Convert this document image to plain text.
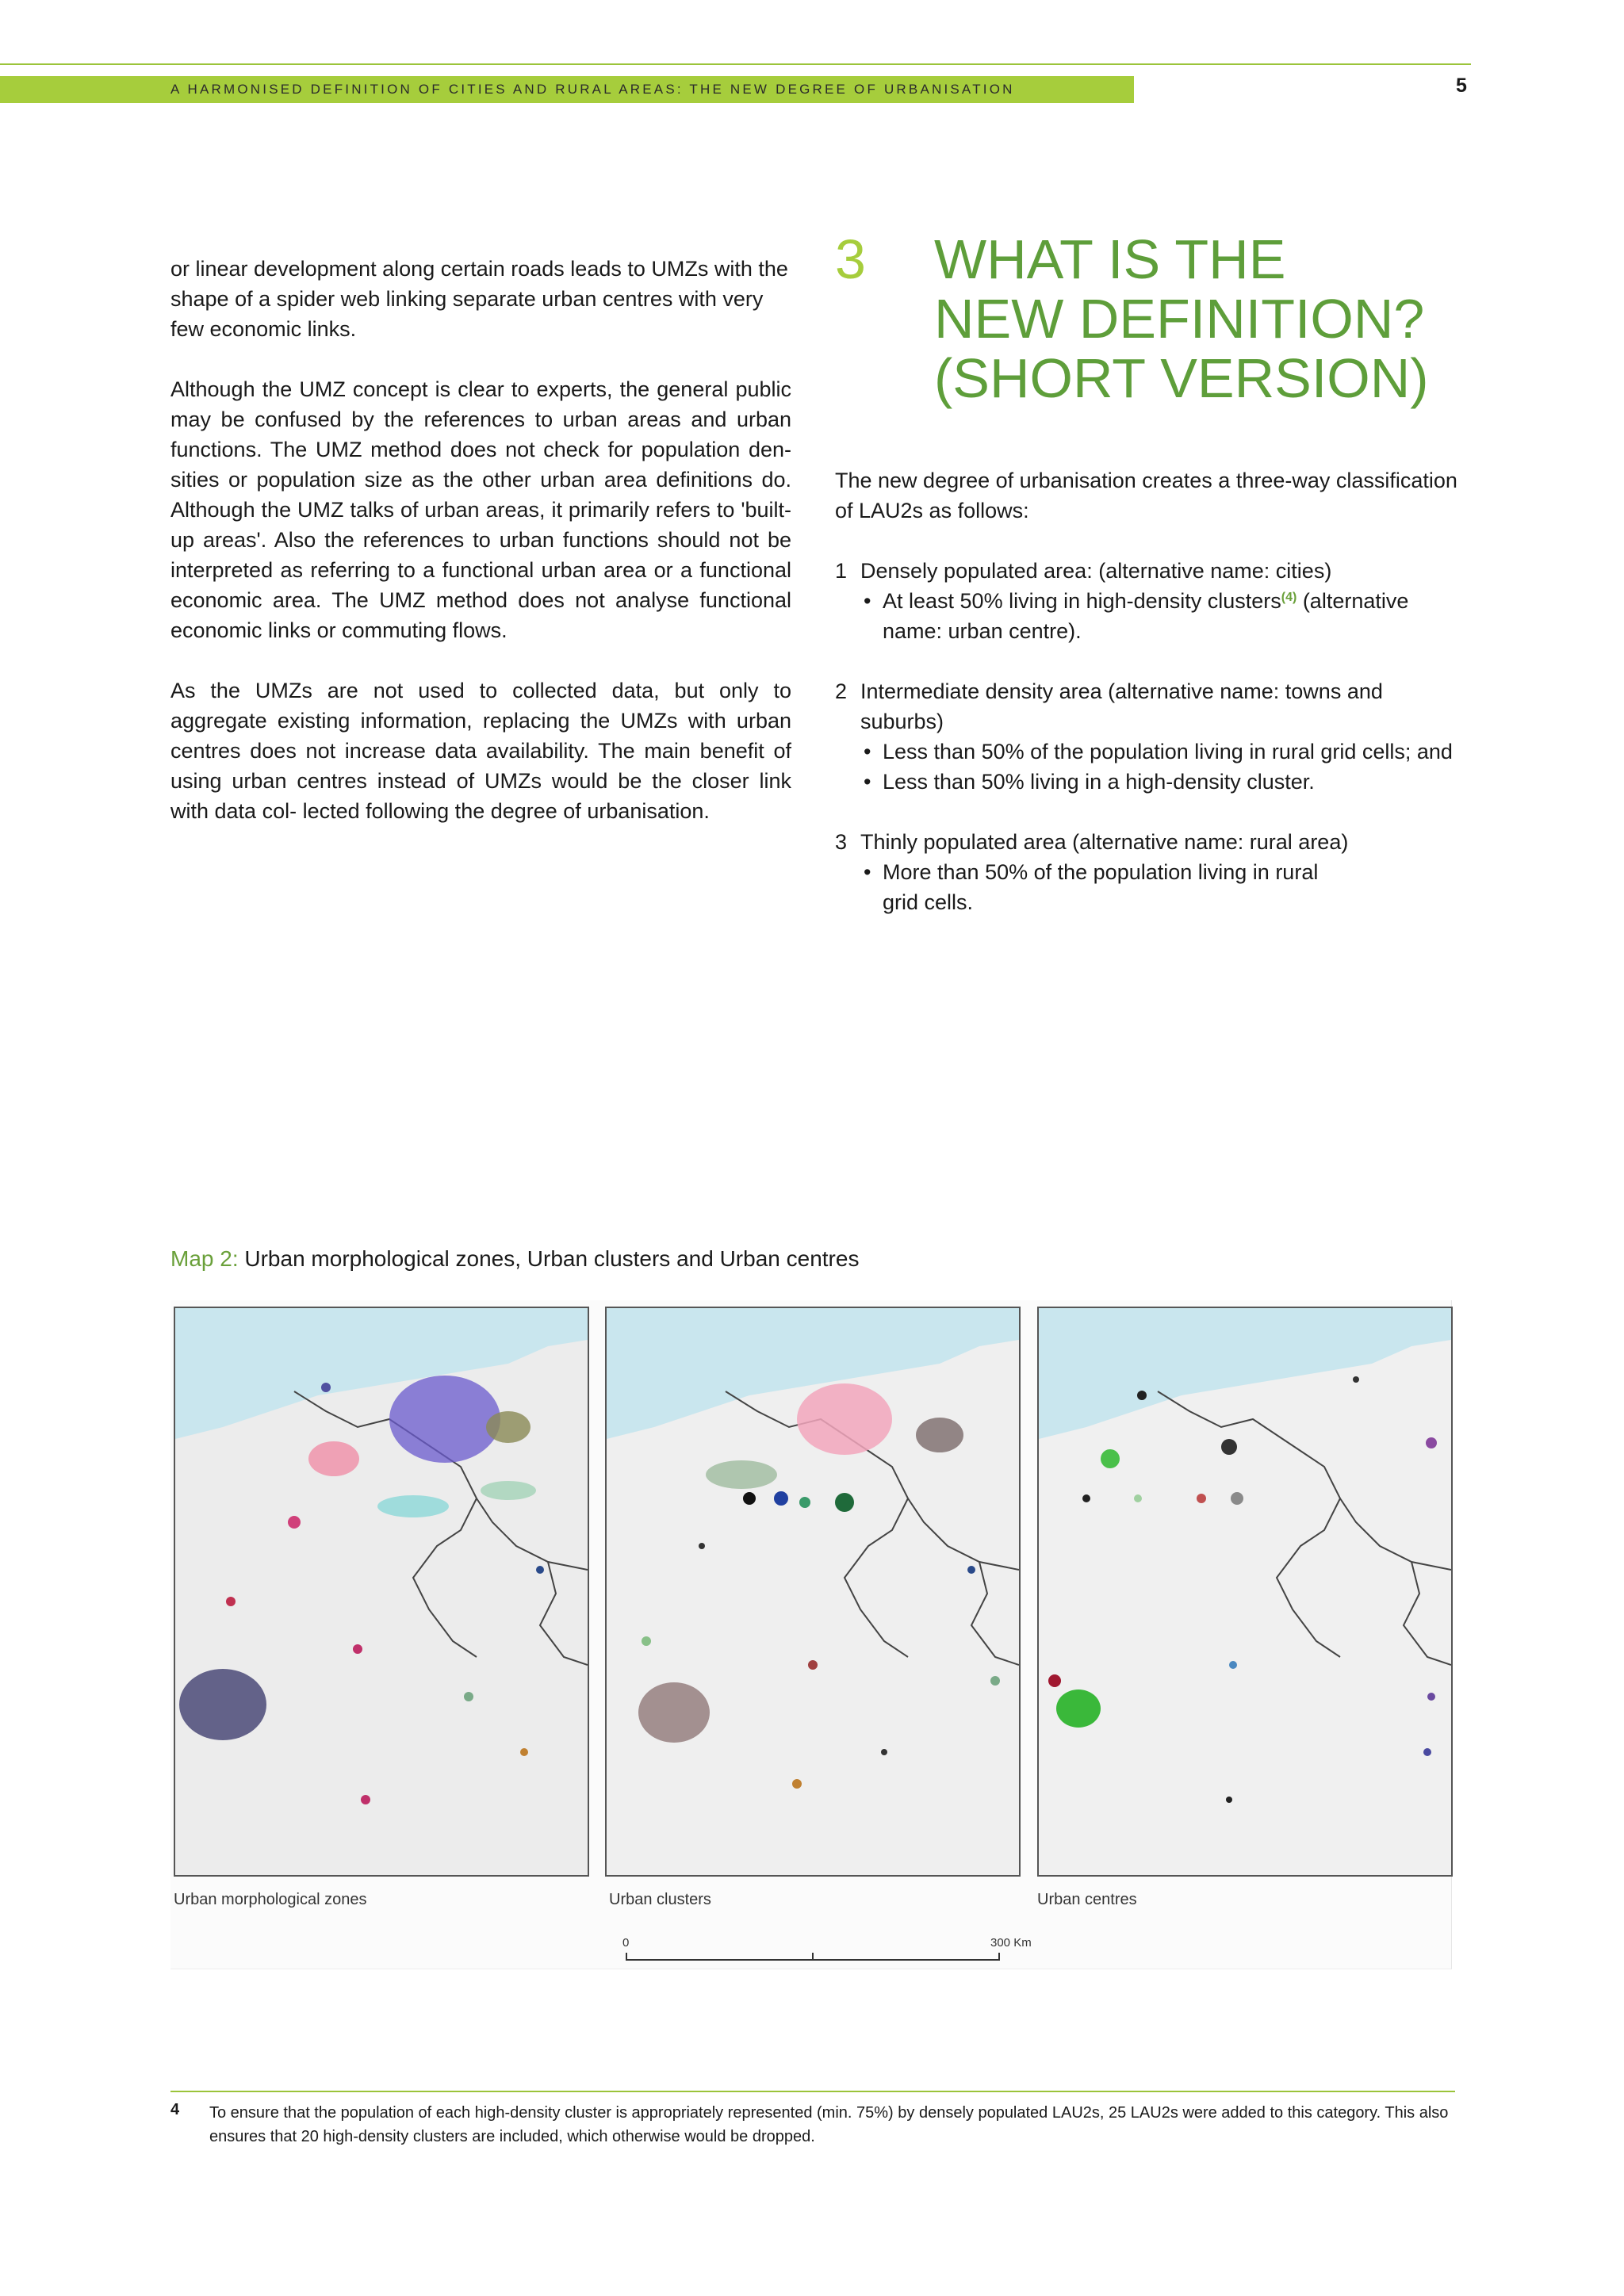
A HARMONISED DEFINITION OF CITIES AND RURAL AREAS: THE NEW DEGREE OF URBANISATION	5

or linear development along certain roads leads to UMZs with the shape of a spider web linking separate urban centres with very few economic links.

Although the UMZ concept is clear to experts, the general public may be confused by the references to urban areas and urban functions. The UMZ method does not check for population den- sities or population size as the other urban area definitions do. Although the UMZ talks of urban areas, it primarily refers to 'built-up areas'. Also the references to urban functions should not be interpreted as referring to a functional urban area or a functional economic area. The UMZ method does not analyse functional economic links or commuting flows.

As the UMZs are not used to collected data, but only to aggregate existing information, replacing the UMZs with urban centres does not increase data availability. The main benefit of using urban centres instead of UMZs would be the closer link with data col- lected following the degree of urbanisation.

3 WHAT IS THE
NEW DEFINITION?
(SHORT VERSION)

The new degree of urbanisation creates a three-way classification of LAU2s as follows:

1 Densely populated area: (alternative name: cities)
• At least 50% living in high-density clusters$^{(4)}$ (alternative name: urban centre).
2 Intermediate density area (alternative name: towns and suburbs)
• Less than 50% of the population living in rural grid cells; and
• Less than 50% living in a high-density cluster.
3 Thinly populated area (alternative name: rural area)
• More than 50% of the population living in rural grid cells.
Map 2: Urban morphological zones, Urban clusters and Urban centres
Urban morphological zones	Urban clusters	Urban centres
0	300 Km
4 To ensure that the population of each high-density cluster is appropriately represented (min. 75%) by densely populated LAU2s, 25 LAU2s were added to this category. This also ensures that 20 high-density clusters are included, which otherwise would be dropped.
